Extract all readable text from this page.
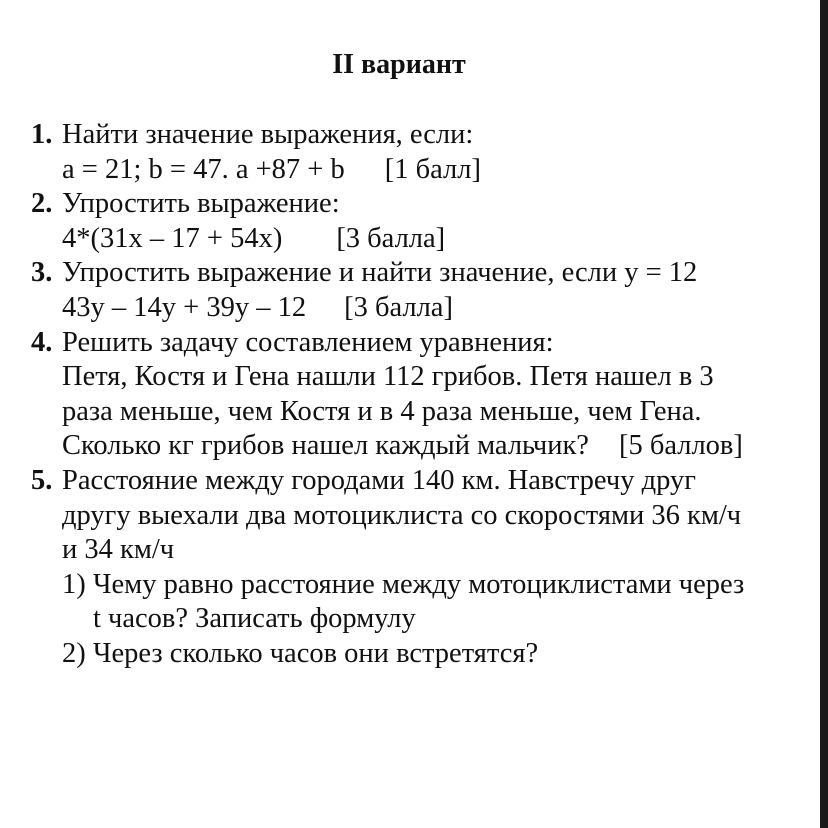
II вариант
1. Найти значение выражения, если:
a = 21; b = 47. a +87 + b [1 балл]
2. Упростить выражение:
4*(31x – 17 + 54x) [3 балла]
3. Упростить выражение и найти значение, если y = 12
43y – 14y + 39y – 12 [3 балла]
4. Решить задачу составлением уравнения:
Петя, Костя и Гена нашли 112 грибов. Петя нашел в 3
раза меньше, чем Костя и в 4 раза меньше, чем Гена.
Сколько кг грибов нашел каждый мальчик? [5 баллов]
5. Расстояние между городами 140 км. Навстречу друг
другу выехали два мотоциклиста со скоростями 36 км/ч
и 34 км/ч
1) Чему равно расстояние между мотоциклистами через
t часов? Записать формулу
2) Через сколько часов они встретятся?
